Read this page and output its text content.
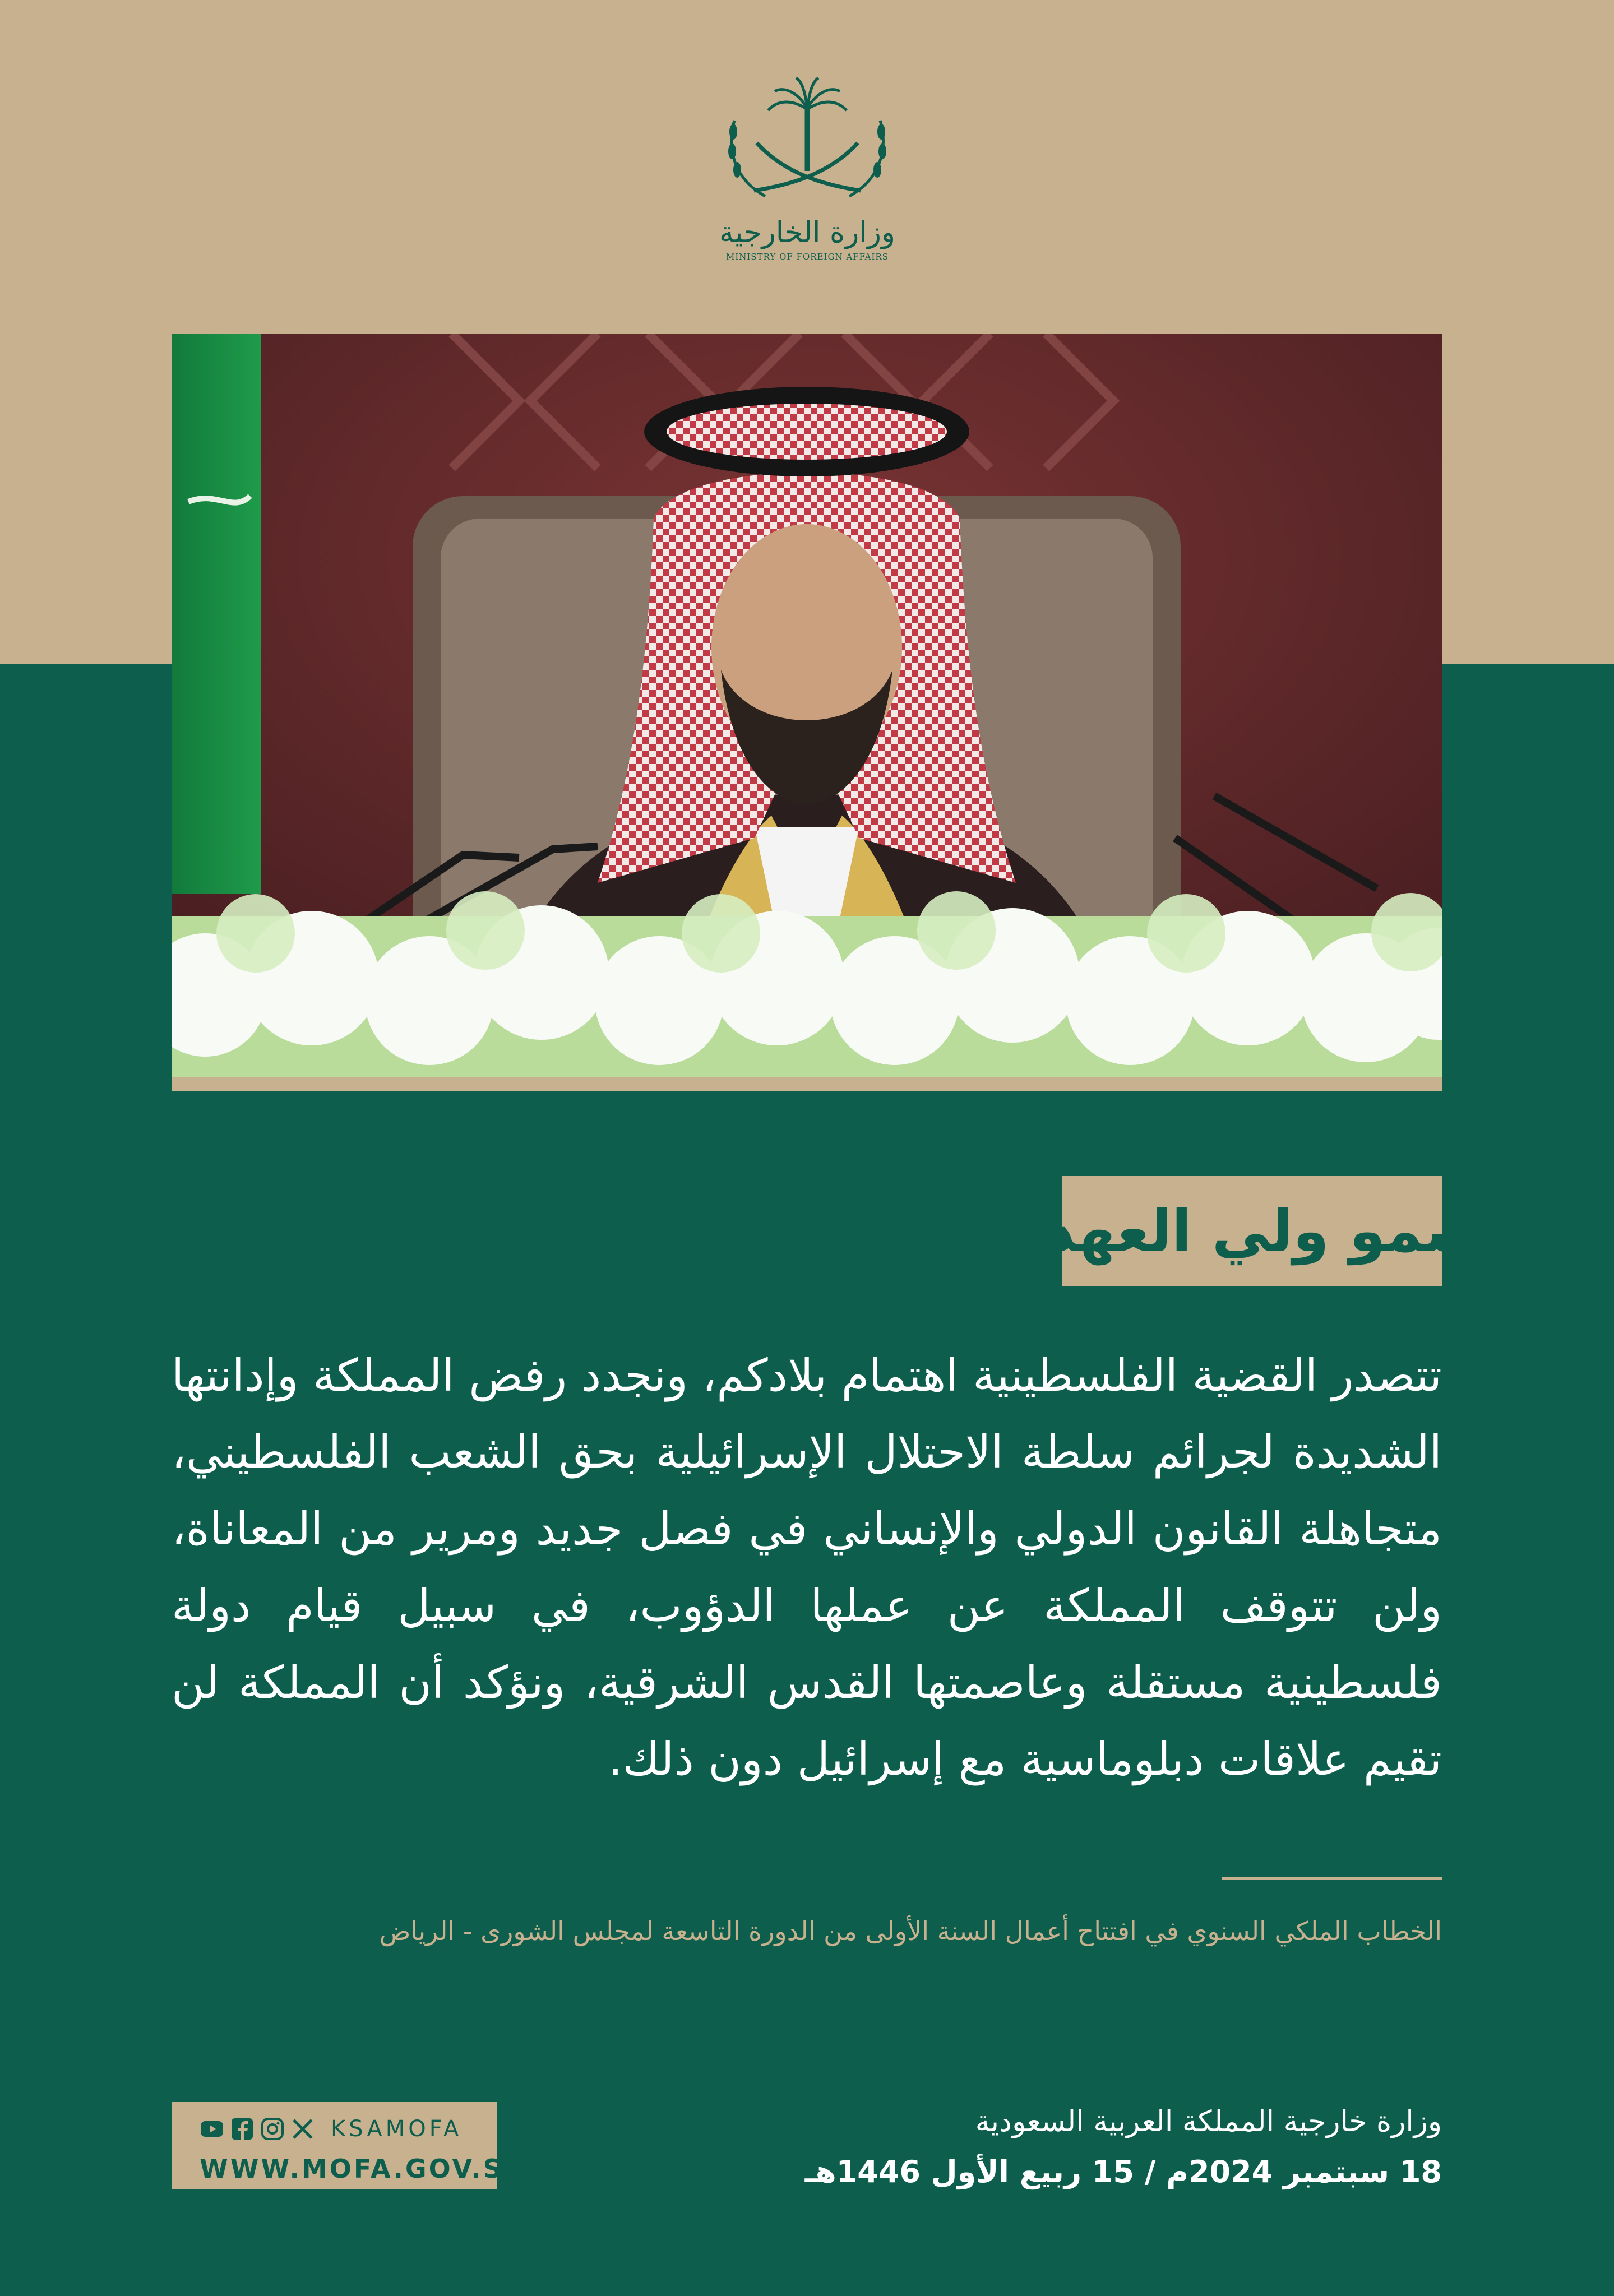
وزارة الخارجية
MINISTRY OF FOREIGN AFFAIRS
سمو ولي العهد:
تتصدر القضية الفلسطينية اهتمام بلادكم، ونجدد رفض المملكة وإدانتها الشديدة لجرائم سلطة الاحتلال الإسرائيلية بحق الشعب الفلسطيني، متجاهلة القانون الدولي والإنساني في فصل جديد ومرير من المعاناة، ولن تتوقف المملكة عن عملها الدؤوب، في سبيل قيام دولة فلسطينية مستقلة وعاصمتها القدس الشرقية، ونؤكد أن المملكة لن تقيم علاقات دبلوماسية مع إسرائيل دون ذلك.
الخطاب الملكي السنوي في افتتاح أعمال السنة الأولى من الدورة التاسعة لمجلس الشورى - الرياض
وزارة خارجية المملكة العربية السعودية
18 سبتمبر 2024م / 15 ربيع الأول 1446هـ
KSAMOFA
WWW.MOFA.GOV.SA
